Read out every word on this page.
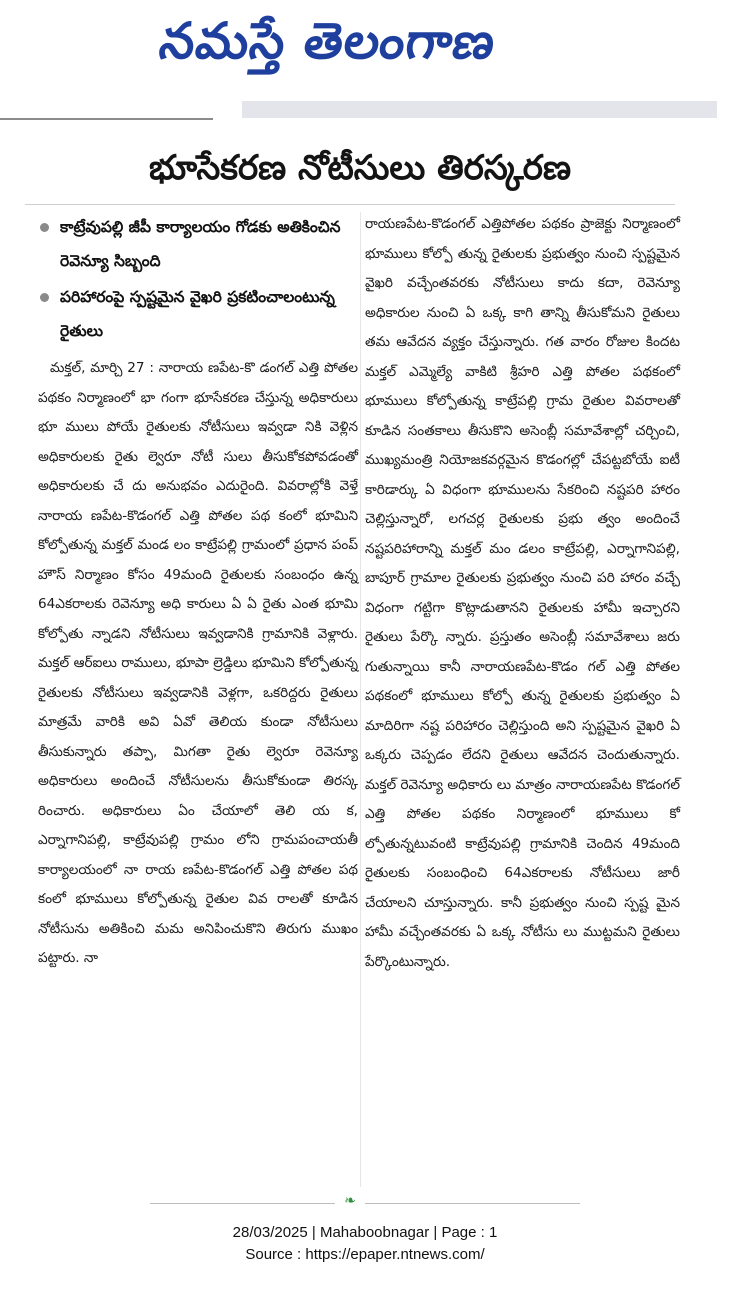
నమస్తే తెలంగాణ
భూసేకరణ నోటీసులు తిరస్కరణ
కాట్రేవుపల్లి జీపీ కార్యాలయం గోడకు అతికించిన రెవెన్యూ సిబ్బంది
పరిహారంపై స్పష్టమైన వైఖరి ప్రకటించాలంటున్న రైతులు
మక్తల్, మార్చి 27 : నారాయ ణపేట-కొ డంగల్ ఎత్తి పోతల పథకం నిర్మాణంలో భా గంగా భూసేకరణ చేస్తున్న అధికారులు భూ ములు పోయే రైతులకు నోటీసులు ఇవ్వడా నికి వెళ్లిన అధికారులకు రైతు ల్వెరూ నోటీ సులు తీసుకోకపోవడంతో అధికారులకు చే దు అనుభవం ఎదురైంది. వివరాల్లోకి వెళ్తే నారాయ ణపేట-కొడంగల్ ఎత్తి పోతల పథ కంలో భూమిని కోల్పోతున్న మక్తల్ మండ లం కాట్రేపల్లి గ్రామంలో ప్రధాన పంప్ హౌస్ నిర్మాణం కోసం 49మంది రైతులకు సంబంధం ఉన్న 64ఎకరాలకు రెవెన్యూ అధి కారులు ఏ ఏ రైతు ఎంత భూమి కోల్పోతు న్నాడని నోటీసులు ఇవ్వడానికి గ్రామానికి వెళ్లారు. మక్తల్ ఆర్ఐలు రాములు, భూపా ల్రెడ్డిలు భూమిని కోల్పోతున్న రైతులకు నోటీసులు ఇవ్వడానికి వెళ్లగా, ఒకరిద్దరు రైతులు మాత్రమే వారికి అవి ఏవో తెలియ కుండా నోటీసులు తీసుకున్నారు తప్పా, మిగతా రైతు ల్వెరూ రెవెన్యూ అధికారులు అందించే నోటీసులను తీసుకోకుండా తిరస్క రించారు. అధికారులు ఏం చేయాలో తెలి య క, ఎర్నాగానిపల్లి, కాట్రేవుపల్లి గ్రామం లోని గ్రామపంచాయతీ కార్యాలయంలో నా రాయ ణపేట-కొడంగల్ ఎత్తి పోతల పథ కంలో భూములు కోల్పోతున్న రైతుల వివ రాలతో కూడిన నోటీసును అతికించి మమ అనిపించుకొని తిరుగు ముఖం పట్టారు. నా
రాయణపేట-కొడంగల్ ఎత్తిపోతల పథకం ప్రాజెక్టు నిర్మాణంలో భూములు కోల్పో తున్న రైతులకు ప్రభుత్వం నుంచి స్పష్టమైన వైఖరి వచ్చేంతవరకు నోటీసులు కాదు కదా, రెవెన్యూ అధికారుల నుంచి ఏ ఒక్క కాగి తాన్ని తీసుకోమని రైతులు తమ ఆవేదన వ్యక్తం చేస్తున్నారు. గత వారం రోజుల కిందట మక్తల్ ఎమ్మెల్యే వాకిటి శ్రీహరి ఎత్తి పోతల పథకంలో భూములు కోల్పోతున్న కాట్రేపల్లి గ్రామ రైతుల వివరాలతో కూడిన సంతకాలు తీసుకొని అసెంబ్లీ సమావేశాల్లో చర్చించి, ముఖ్యమంత్రి నియోజకవర్గమైన కొడంగల్లో చేపట్టబోయే ఐటీ కారిడార్కు ఏ విధంగా భూములను సేకరించి నష్టపరి హారం చెల్లిస్తున్నారో, లగచర్ల రైతులకు ప్రభు త్వం అందించే నష్టపరిహారాన్ని మక్తల్ మం డలం కాట్రేపల్లి, ఎర్నాగానిపల్లి, బాపూర్ గ్రామాల రైతులకు ప్రభుత్వం నుంచి పరి హారం వచ్చే విధంగా గట్టిగా కొట్లాడుతానని రైతులకు హామీ ఇచ్చారని రైతులు పేర్కొ న్నారు. ప్రస్తుతం అసెంబ్లీ సమావేశాలు జరు గుతున్నాయి కానీ నారాయణపేట-కొడం గల్ ఎత్తి పోతల పథకంలో భూములు కోల్పో తున్న రైతులకు ప్రభుత్వం ఏ మాదిరిగా నష్ట పరిహారం చెల్లిస్తుంది అని స్పష్టమైన వైఖరి ఏ ఒక్కరు చెప్పడం లేదని రైతులు ఆవేదన చెందుతున్నారు. మక్తల్ రెవెన్యూ అధికారు లు మాత్రం నారాయణపేట కొడంగల్ ఎత్తి పోతల పథకం నిర్మాణంలో భూములు కో ల్పోతున్నటువంటి కాట్రేవుపల్లి గ్రామానికి చెందిన 49మంది రైతులకు సంబంధించి 64ఎకరాలకు నోటీసులు జారీ చేయాలని చూస్తున్నారు. కానీ ప్రభుత్వం నుంచి స్పష్ట మైన హామీ వచ్చేంతవరకు ఏ ఒక్క నోటీసు లు ముట్టమని రైతులు పేర్కొంటున్నారు.
❧
28/03/2025 | Mahaboobnagar | Page : 1
Source : https://epaper.ntnews.com/
